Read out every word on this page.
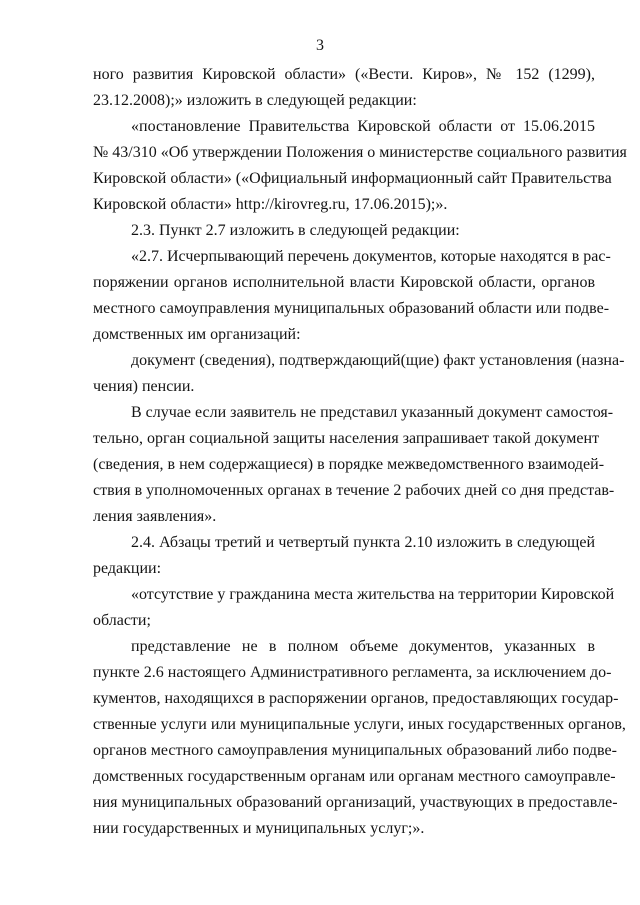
3
ного развития Кировской области» («Вести. Киров», № 152 (1299),
23.12.2008);» изложить в следующей редакции:
«постановление Правительства Кировской области от 15.06.2015
№ 43/310 «Об утверждении Положения о министерстве социального развития
Кировской области» («Официальный информационный сайт Правительства
Кировской области» http://kirovreg.ru, 17.06.2015);».
2.3. Пункт 2.7 изложить в следующей редакции:
«2.7. Исчерпывающий перечень документов, которые находятся в рас-
поряжении органов исполнительной власти Кировской области, органов
местного самоуправления муниципальных образований области или подве-
домственных им организаций:
документ (сведения), подтверждающий(щие) факт установления (назна-
чения) пенсии.
В случае если заявитель не представил указанный документ самостоя-
тельно, орган социальной защиты населения запрашивает такой документ
(сведения, в нем содержащиеся) в порядке межведомственного взаимодей-
ствия в уполномоченных органах в течение 2 рабочих дней со дня представ-
ления заявления».
2.4. Абзацы третий и четвертый пункта 2.10 изложить в следующей
редакции:
«отсутствие у гражданина места жительства на территории Кировской
области;
представление не в полном объеме документов, указанных в
пункте 2.6 настоящего Административного регламента, за исключением до-
кументов, находящихся в распоряжении органов, предоставляющих государ-
ственные услуги или муниципальные услуги, иных государственных органов,
органов местного самоуправления муниципальных образований либо подве-
домственных государственным органам или органам местного самоуправле-
ния муниципальных образований организаций, участвующих в предоставле-
нии государственных и муниципальных услуг;».
